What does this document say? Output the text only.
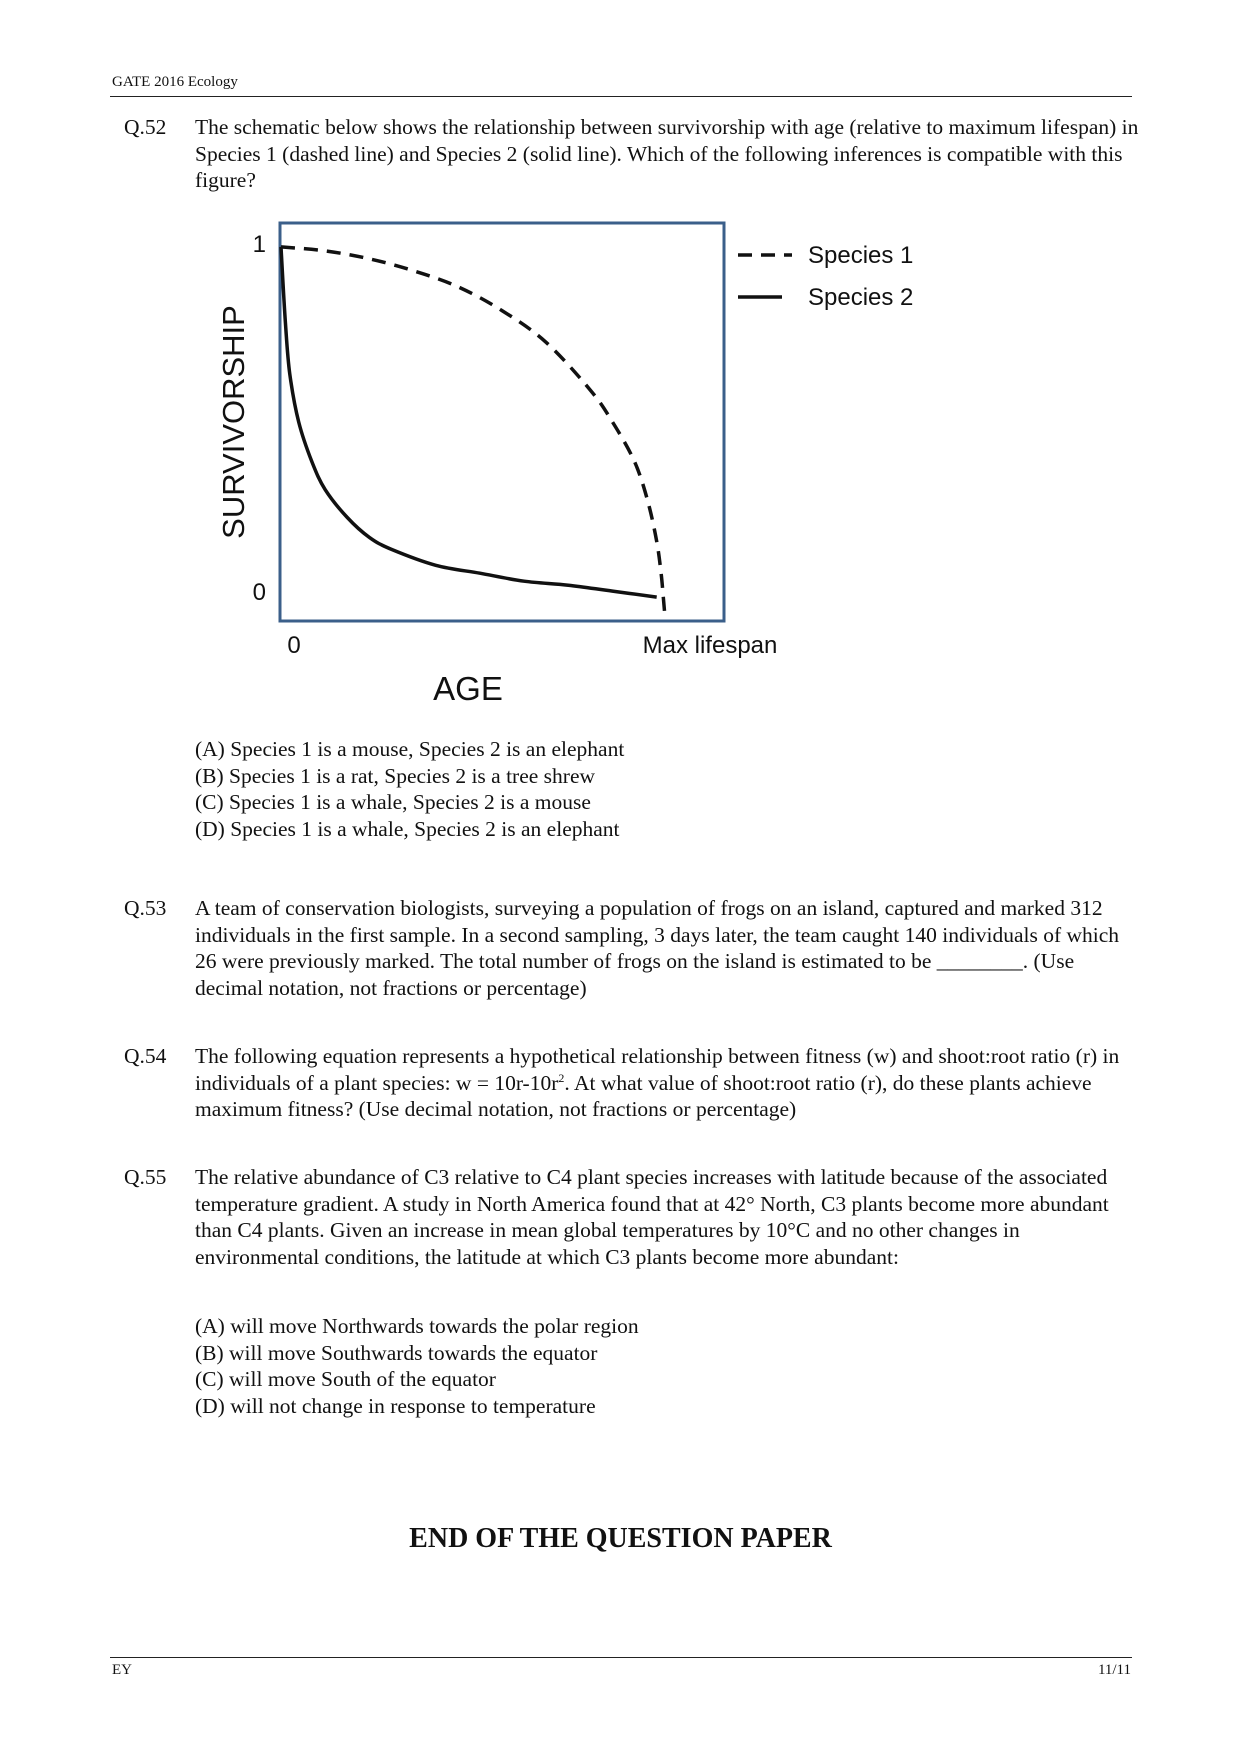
GATE 2016 Ecology
Q.52 The schematic below shows the relationship between survivorship with age (relative to maximum lifespan) in Species 1 (dashed line) and Species 2 (solid line). Which of the following inferences is compatible with this figure?
1
0
0	Max lifespan
AGE
SURVIVORSHIP
Species 1
Species 2
(A) Species 1 is a mouse, Species 2 is an elephant
(B) Species 1 is a rat, Species 2 is a tree shrew
(C) Species 1 is a whale, Species 2 is a mouse
(D) Species 1 is a whale, Species 2 is an elephant
Q.53 A team of conservation biologists, surveying a population of frogs on an island, captured and marked 312 individuals in the first sample. In a second sampling, 3 days later, the team caught 140 individuals of which 26 were previously marked. The total number of frogs on the island is estimated to be ________. (Use decimal notation, not fractions or percentage)
Q.54 The following equation represents a hypothetical relationship between fitness (w) and shoot:root ratio (r) in individuals of a plant species: $w = 10r-10r^2$. At what value of shoot:root ratio (r), do these plants achieve maximum fitness? (Use decimal notation, not fractions or percentage)
Q.55 The relative abundance of C3 relative to C4 plant species increases with latitude because of the associated temperature gradient. A study in North America found that at 42° North, C3 plants become more abundant than C4 plants. Given an increase in mean global temperatures by 10°C and no other changes in environmental conditions, the latitude at which C3 plants become more abundant:
(A) will move Northwards towards the polar region
(B) will move Southwards towards the equator
(C) will move South of the equator
(D) will not change in response to temperature
END OF THE QUESTION PAPER
EY	11/11
